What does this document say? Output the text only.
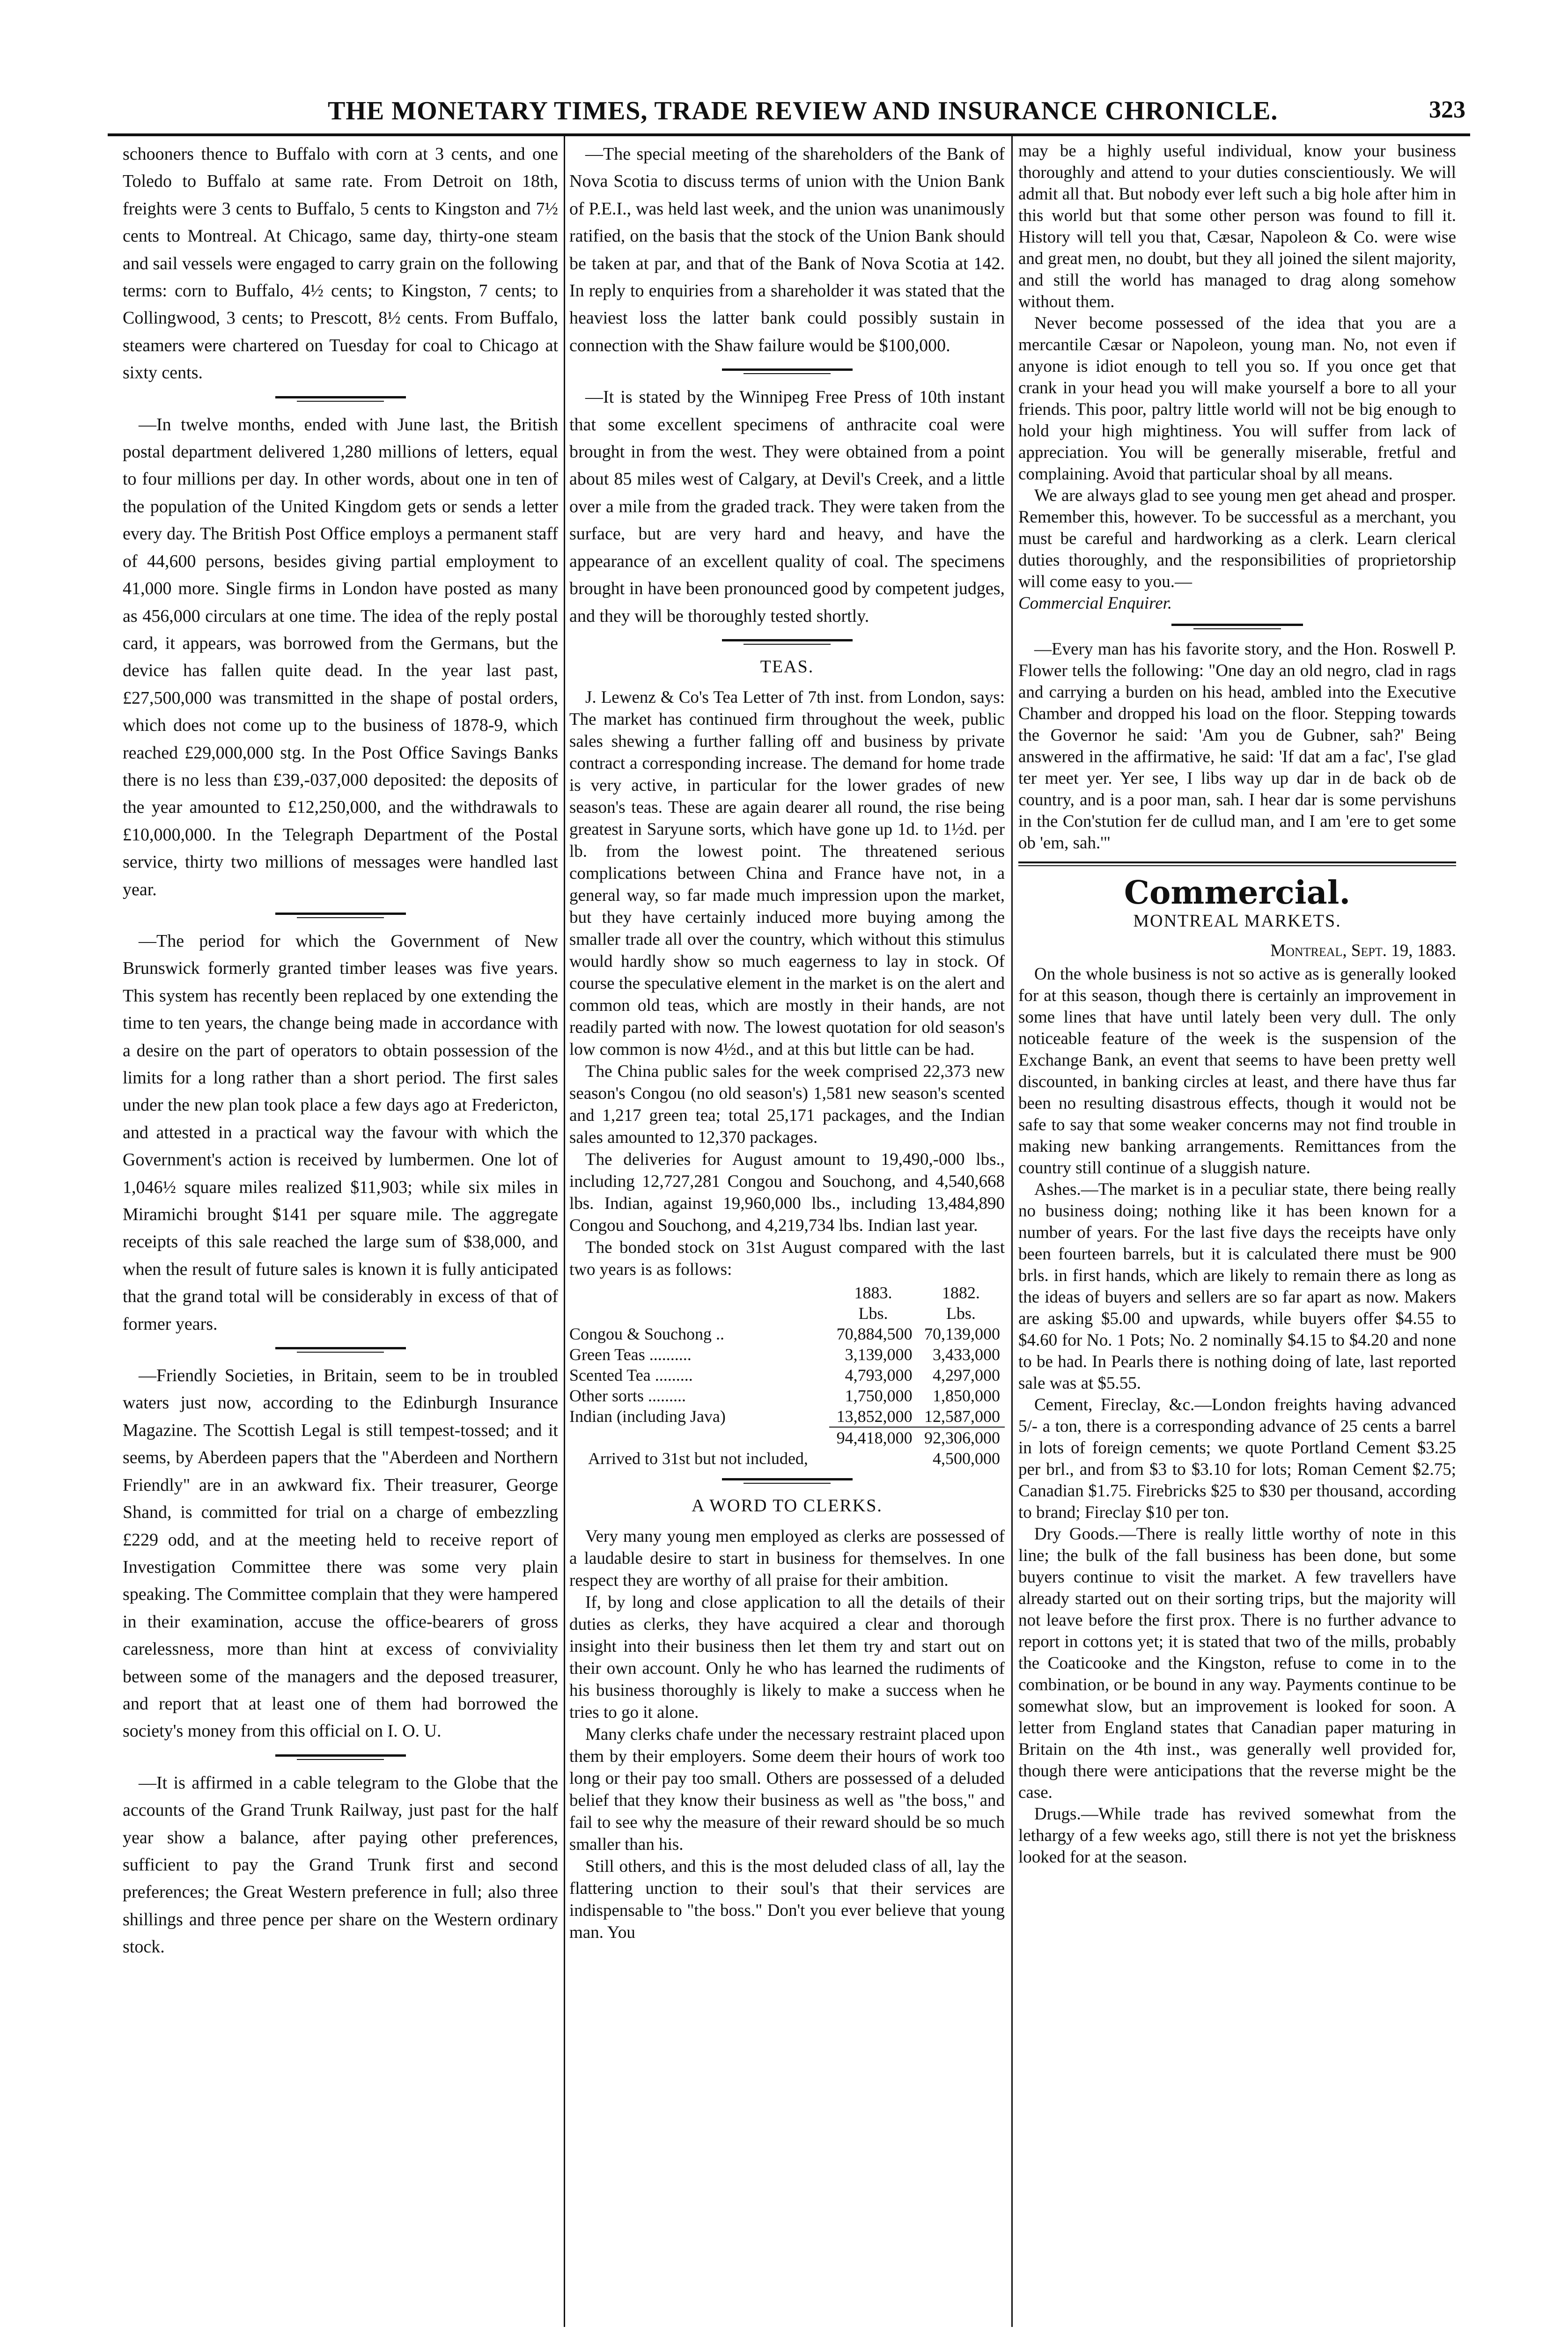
THE MONETARY TIMES, TRADE REVIEW AND INSURANCE CHRONICLE.	323

schooners thence to Buffalo with corn at 3 cents, and one Toledo to Buffalo at same rate. From Detroit on 18th, freights were 3 cents to Buffalo, 5 cents to Kingston and 7½ cents to Montreal. At Chicago, same day, thirty-one steam and sail vessels were engaged to carry grain on the following terms: corn to Buffalo, 4½ cents; to Kingston, 7 cents; to Collingwood, 3 cents; to Prescott, 8½ cents. From Buffalo, steamers were chartered on Tuesday for coal to Chicago at sixty cents.

—In twelve months, ended with June last, the British postal department delivered 1,280 millions of letters, equal to four millions per day. In other words, about one in ten of the population of the United Kingdom gets or sends a letter every day. The British Post Office employs a permanent staff of 44,600 persons, besides giving partial employment to 41,000 more. Single firms in London have posted as many as 456,000 circulars at one time. The idea of the reply postal card, it appears, was borrowed from the Germans, but the device has fallen quite dead. In the year last past, £27,500,000 was transmitted in the shape of postal orders, which does not come up to the business of 1878-9, which reached £29,000,000 stg. In the Post Office Savings Banks there is no less than £39,-037,000 deposited: the deposits of the year amounted to £12,250,000, and the withdrawals to £10,000,000. In the Telegraph Department of the Postal service, thirty two millions of messages were handled last year.

—The period for which the Government of New Brunswick formerly granted timber leases was five years. This system has recently been replaced by one extending the time to ten years, the change being made in accordance with a desire on the part of operators to obtain possession of the limits for a long rather than a short period. The first sales under the new plan took place a few days ago at Fredericton, and attested in a practical way the favour with which the Government's action is received by lumbermen. One lot of 1,046½ square miles realized $11,903; while six miles in Miramichi brought $141 per square mile. The aggregate receipts of this sale reached the large sum of $38,000, and when the result of future sales is known it is fully anticipated that the grand total will be considerably in excess of that of former years.

—Friendly Societies, in Britain, seem to be in troubled waters just now, according to the Edinburgh Insurance Magazine. The Scottish Legal is still tempest-tossed; and it seems, by Aberdeen papers that the "Aberdeen and Northern Friendly" are in an awkward fix. Their treasurer, George Shand, is committed for trial on a charge of embezzling £229 odd, and at the meeting held to receive report of Investigation Committee there was some very plain speaking. The Committee complain that they were hampered in their examination, accuse the office-bearers of gross carelessness, more than hint at excess of conviviality between some of the managers and the deposed treasurer, and report that at least one of them had borrowed the society's money from this official on I. O. U.

—It is affirmed in a cable telegram to the Globe that the accounts of the Grand Trunk Railway, just past for the half year show a balance, after paying other preferences, sufficient to pay the Grand Trunk first and second preferences; the Great Western preference in full; also three shillings and three pence per share on the Western ordinary stock.

—The special meeting of the shareholders of the Bank of Nova Scotia to discuss terms of union with the Union Bank of P.E.I., was held last week, and the union was unanimously ratified, on the basis that the stock of the Union Bank should be taken at par, and that of the Bank of Nova Scotia at 142. In reply to enquiries from a shareholder it was stated that the heaviest loss the latter bank could possibly sustain in connection with the Shaw failure would be $100,000.

—It is stated by the Winnipeg Free Press of 10th instant that some excellent specimens of anthracite coal were brought in from the west. They were obtained from a point about 85 miles west of Calgary, at Devil's Creek, and a little over a mile from the graded track. They were taken from the surface, but are very hard and heavy, and have the appearance of an excellent quality of coal. The specimens brought in have been pronounced good by competent judges, and they will be thoroughly tested shortly.

TEAS.

J. Lewenz & Co's Tea Letter of 7th inst. from London, says: The market has continued firm throughout the week, public sales shewing a further falling off and business by private contract a corresponding increase. The demand for home trade is very active, in particular for the lower grades of new season's teas. These are again dearer all round, the rise being greatest in Saryune sorts, which have gone up 1d. to 1½d. per lb. from the lowest point. The threatened serious complications between China and France have not, in a general way, so far made much impression upon the market, but they have certainly induced more buying among the smaller trade all over the country, which without this stimulus would hardly show so much eagerness to lay in stock. Of course the speculative element in the market is on the alert and common old teas, which are mostly in their hands, are not readily parted with now. The lowest quotation for old season's low common is now 4½d., and at this but little can be had.

The China public sales for the week comprised 22,373 new season's Congou (no old season's) 1,581 new season's scented and 1,217 green tea; total 25,171 packages, and the Indian sales amounted to 12,370 packages.

The deliveries for August amount to 19,490,-000 lbs., including 12,727,281 Congou and Souchong, and 4,540,668 lbs. Indian, against 19,960,000 lbs., including 13,484,890 Congou and Souchong, and 4,219,734 lbs. Indian last year.

The bonded stock on 31st August compared with the last two years is as follows:

	1883.	1882.
	Lbs.	Lbs.
Congou & Souchong ..	70,884,500	70,139,000
Green Teas ..........	3,139,000	3,433,000
Scented Tea .........	4,793,000	4,297,000
Other sorts .........	1,750,000	1,850,000
Indian (including Java)	13,852,000	12,587,000
	94,418,000	92,306,000
Arrived to 31st but not included,		4,500,000
A WORD TO CLERKS.

Very many young men employed as clerks are possessed of a laudable desire to start in business for themselves. In one respect they are worthy of all praise for their ambition.

If, by long and close application to all the details of their duties as clerks, they have acquired a clear and thorough insight into their business then let them try and start out on their own account. Only he who has learned the rudiments of his business thoroughly is likely to make a success when he tries to go it alone.

Many clerks chafe under the necessary restraint placed upon them by their employers. Some deem their hours of work too long or their pay too small. Others are possessed of a deluded belief that they know their business as well as "the boss," and fail to see why the measure of their reward should be so much smaller than his.

Still others, and this is the most deluded class of all, lay the flattering unction to their soul's that their services are indispensable to "the boss." Don't you ever believe that young man. You

may be a highly useful individual, know your business thoroughly and attend to your duties conscientiously. We will admit all that. But nobody ever left such a big hole after him in this world but that some other person was found to fill it. History will tell you that, Cæsar, Napoleon & Co. were wise and great men, no doubt, but they all joined the silent majority, and still the world has managed to drag along somehow without them.

Never become possessed of the idea that you are a mercantile Cæsar or Napoleon, young man. No, not even if anyone is idiot enough to tell you so. If you once get that crank in your head you will make yourself a bore to all your friends. This poor, paltry little world will not be big enough to hold your high mightiness. You will suffer from lack of appreciation. You will be generally miserable, fretful and complaining. Avoid that particular shoal by all means.

We are always glad to see young men get ahead and prosper. Remember this, however. To be successful as a merchant, you must be careful and hardworking as a clerk. Learn clerical duties thoroughly, and the responsibilities of proprietorship will come easy to you.—

Commercial Enquirer.

—Every man has his favorite story, and the Hon. Roswell P. Flower tells the following: "One day an old negro, clad in rags and carrying a burden on his head, ambled into the Executive Chamber and dropped his load on the floor. Stepping towards the Governor he said: 'Am you de Gubner, sah?' Being answered in the affirmative, he said: 'If dat am a fac', I'se glad ter meet yer. Yer see, I libs way up dar in de back ob de country, and is a poor man, sah. I hear dar is some pervishuns in the Con'stution fer de cullud man, and I am 'ere to get some ob 'em, sah.'"

Commercial.
MONTREAL MARKETS.
Montreal, Sept. 19, 1883.

On the whole business is not so active as is generally looked for at this season, though there is certainly an improvement in some lines that have until lately been very dull. The only noticeable feature of the week is the suspension of the Exchange Bank, an event that seems to have been pretty well discounted, in banking circles at least, and there have thus far been no resulting disastrous effects, though it would not be safe to say that some weaker concerns may not find trouble in making new banking arrangements. Remittances from the country still continue of a sluggish nature.

Ashes.—The market is in a peculiar state, there being really no business doing; nothing like it has been known for a number of years. For the last five days the receipts have only been fourteen barrels, but it is calculated there must be 900 brls. in first hands, which are likely to remain there as long as the ideas of buyers and sellers are so far apart as now. Makers are asking $5.00 and upwards, while buyers offer $4.55 to $4.60 for No. 1 Pots; No. 2 nominally $4.15 to $4.20 and none to be had. In Pearls there is nothing doing of late, last reported sale was at $5.55.

Cement, Fireclay, &c.—London freights having advanced 5/- a ton, there is a corresponding advance of 25 cents a barrel in lots of foreign cements; we quote Portland Cement $3.25 per brl., and from $3 to $3.10 for lots; Roman Cement $2.75; Canadian $1.75. Firebricks $25 to $30 per thousand, according to brand; Fireclay $10 per ton.

Dry Goods.—There is really little worthy of note in this line; the bulk of the fall business has been done, but some buyers continue to visit the market. A few travellers have already started out on their sorting trips, but the majority will not leave before the first prox. There is no further advance to report in cottons yet; it is stated that two of the mills, probably the Coaticooke and the Kingston, refuse to come in to the combination, or be bound in any way. Payments continue to be somewhat slow, but an improvement is looked for soon. A letter from England states that Canadian paper maturing in Britain on the 4th inst., was generally well provided for, though there were anticipations that the reverse might be the case.

Drugs.—While trade has revived somewhat from the lethargy of a few weeks ago, still there is not yet the briskness looked for at the season.
